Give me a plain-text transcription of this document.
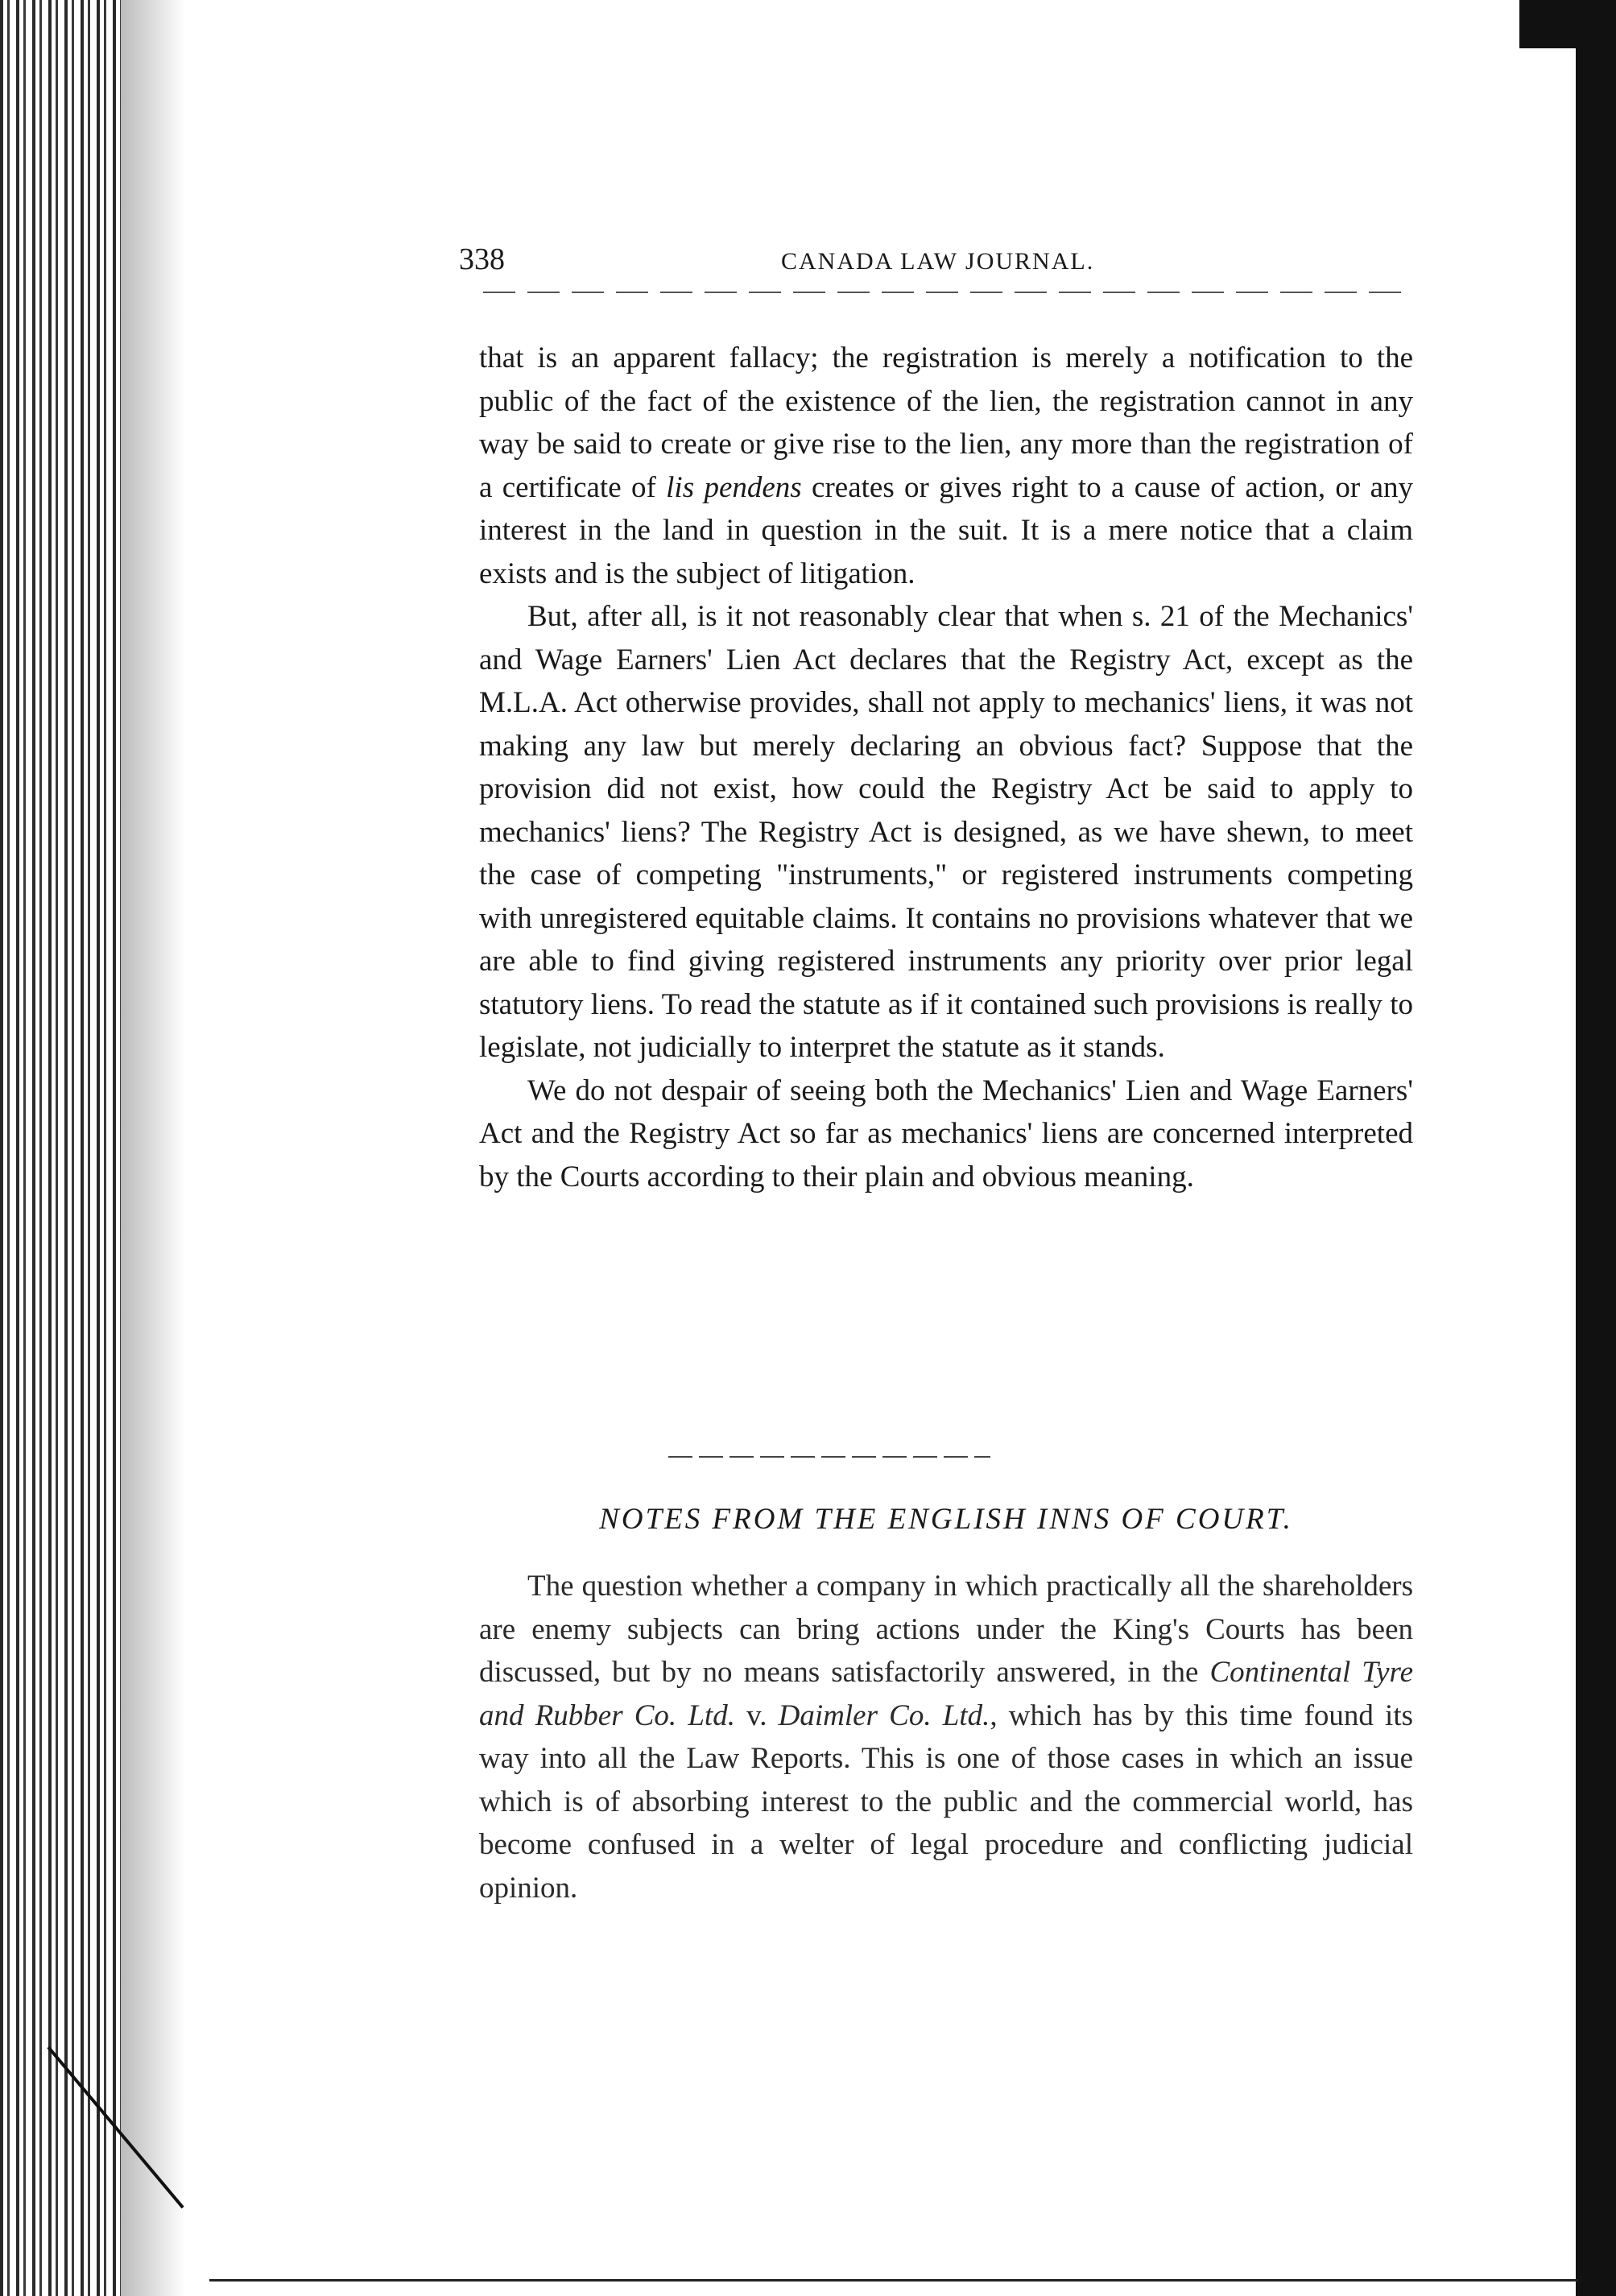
338	CANADA LAW JOURNAL.

that is an apparent fallacy; the registration is merely a notification to the public of the fact of the existence of the lien, the registration cannot in any way be said to create or give rise to the lien, any more than the registration of a certificate of lis pendens creates or gives right to a cause of action, or any interest in the land in question in the suit. It is a mere notice that a claim exists and is the subject of litigation.

But, after all, is it not reasonably clear that when s. 21 of the Mechanics' and Wage Earners' Lien Act declares that the Registry Act, except as the M.L.A. Act otherwise provides, shall not apply to mechanics' liens, it was not making any law but merely declaring an obvious fact? Suppose that the provision did not exist, how could the Registry Act be said to apply to mechanics' liens? The Registry Act is designed, as we have shewn, to meet the case of competing "instruments," or registered instruments competing with unregistered equitable claims. It contains no provisions whatever that we are able to find giving registered instruments any priority over prior legal statutory liens. To read the statute as if it contained such provisions is really to legislate, not judicially to interpret the statute as it stands.

We do not despair of seeing both the Mechanics' Lien and Wage Earners' Act and the Registry Act so far as mechanics' liens are concerned interpreted by the Courts according to their plain and obvious meaning.

NOTES FROM THE ENGLISH INNS OF COURT.

The question whether a company in which practically all the shareholders are enemy subjects can bring actions under the King's Courts has been discussed, but by no means satisfactorily answered, in the Continental Tyre and Rubber Co. Ltd. v. Daimler Co. Ltd., which has by this time found its way into all the Law Reports. This is one of those cases in which an issue which is of absorbing interest to the public and the commercial world, has become confused in a welter of legal procedure and conflicting judicial opinion.
